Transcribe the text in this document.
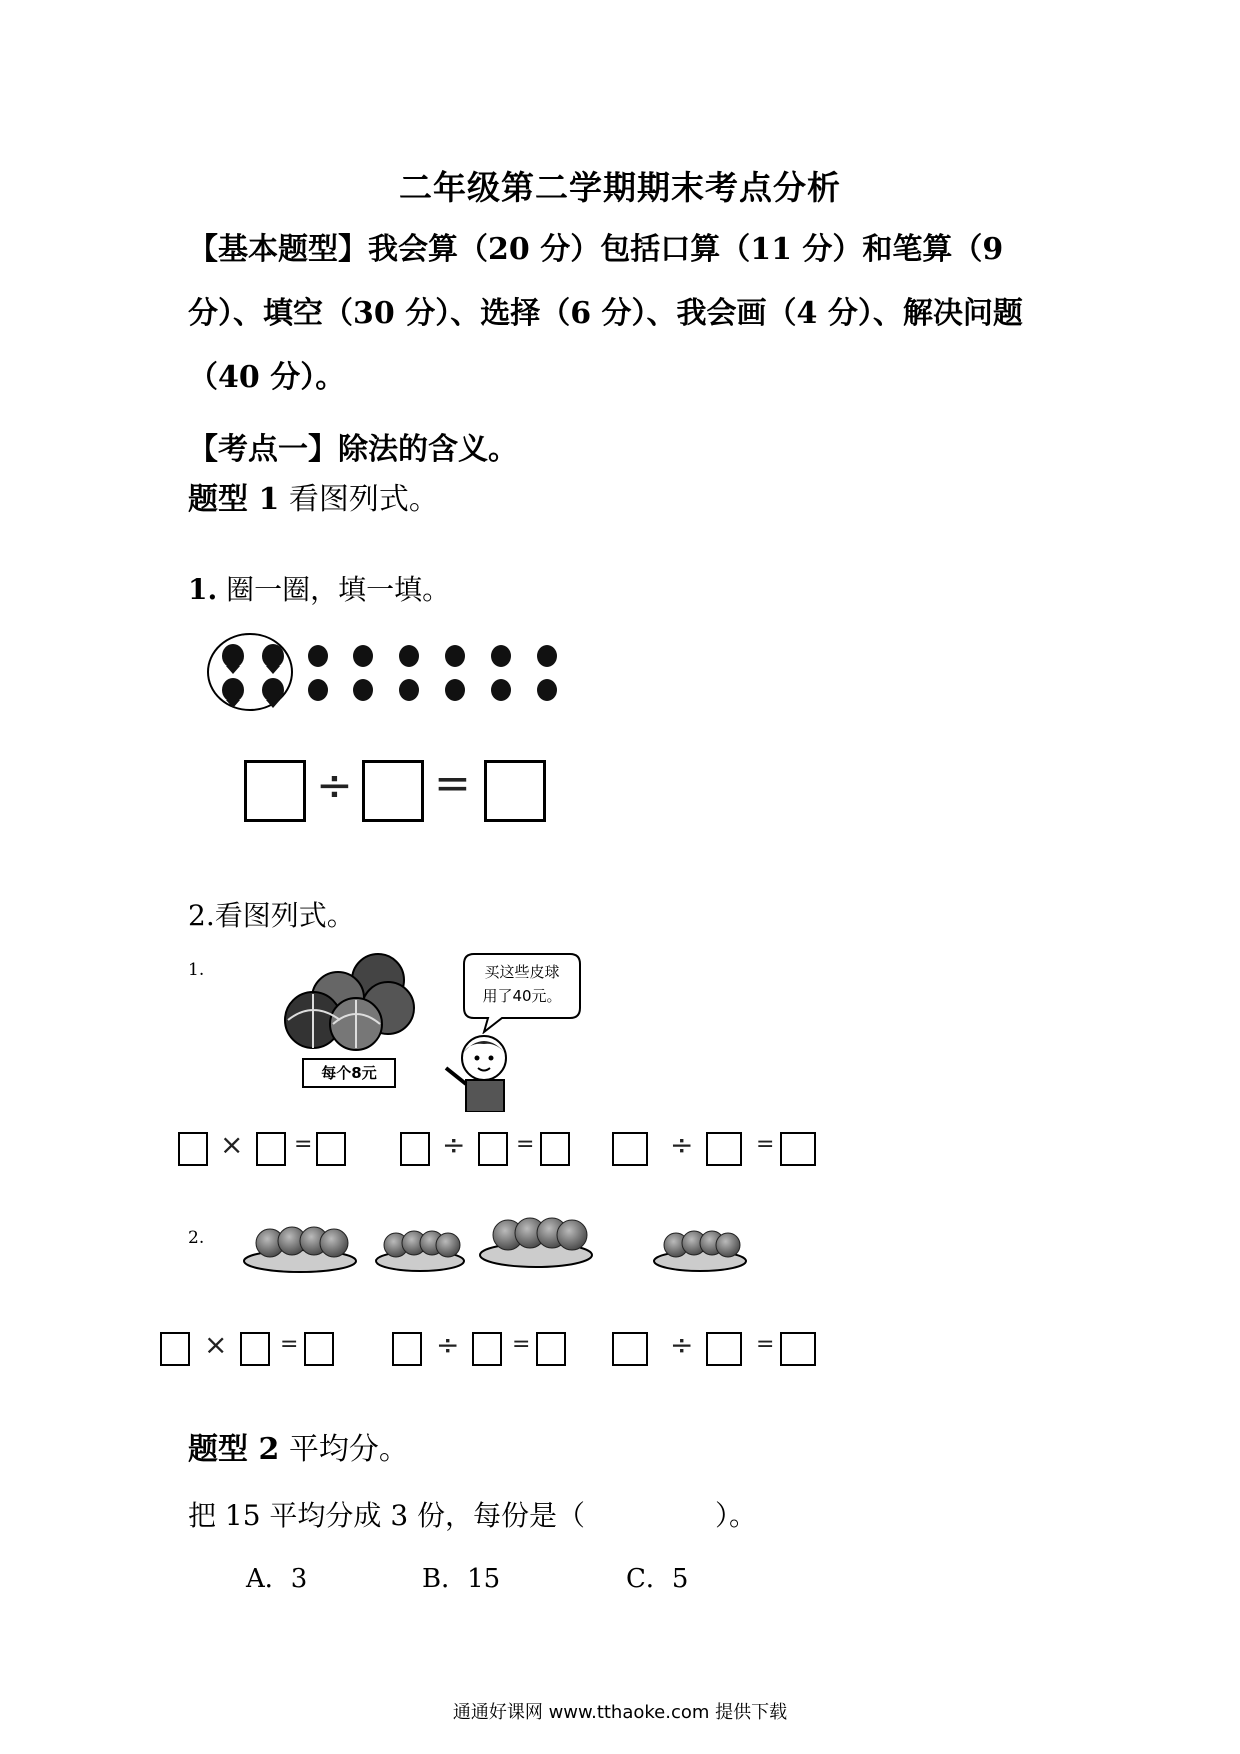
二年级第二学期期末考点分析
【基本题型】我会算（20 分）包括口算（11 分）和笔算（9 分）、填空（30 分）、选择（6 分）、我会画（4 分）、解决问题（40 分）。
【考点一】除法的含义。
题型 1 看图列式。
1. 圈一圈，填一填。
÷ =
2.看图列式。
1.
每个8元
买这些皮球
用了40元。
× =	÷ =	÷	=
2.
× =	÷ =	÷	=
题型 2 平均分。
把 15 平均分成 3 份，每份是（	）。
A．3	B．15	C．5
通通好课网 www.tthaoke.com 提供下载
